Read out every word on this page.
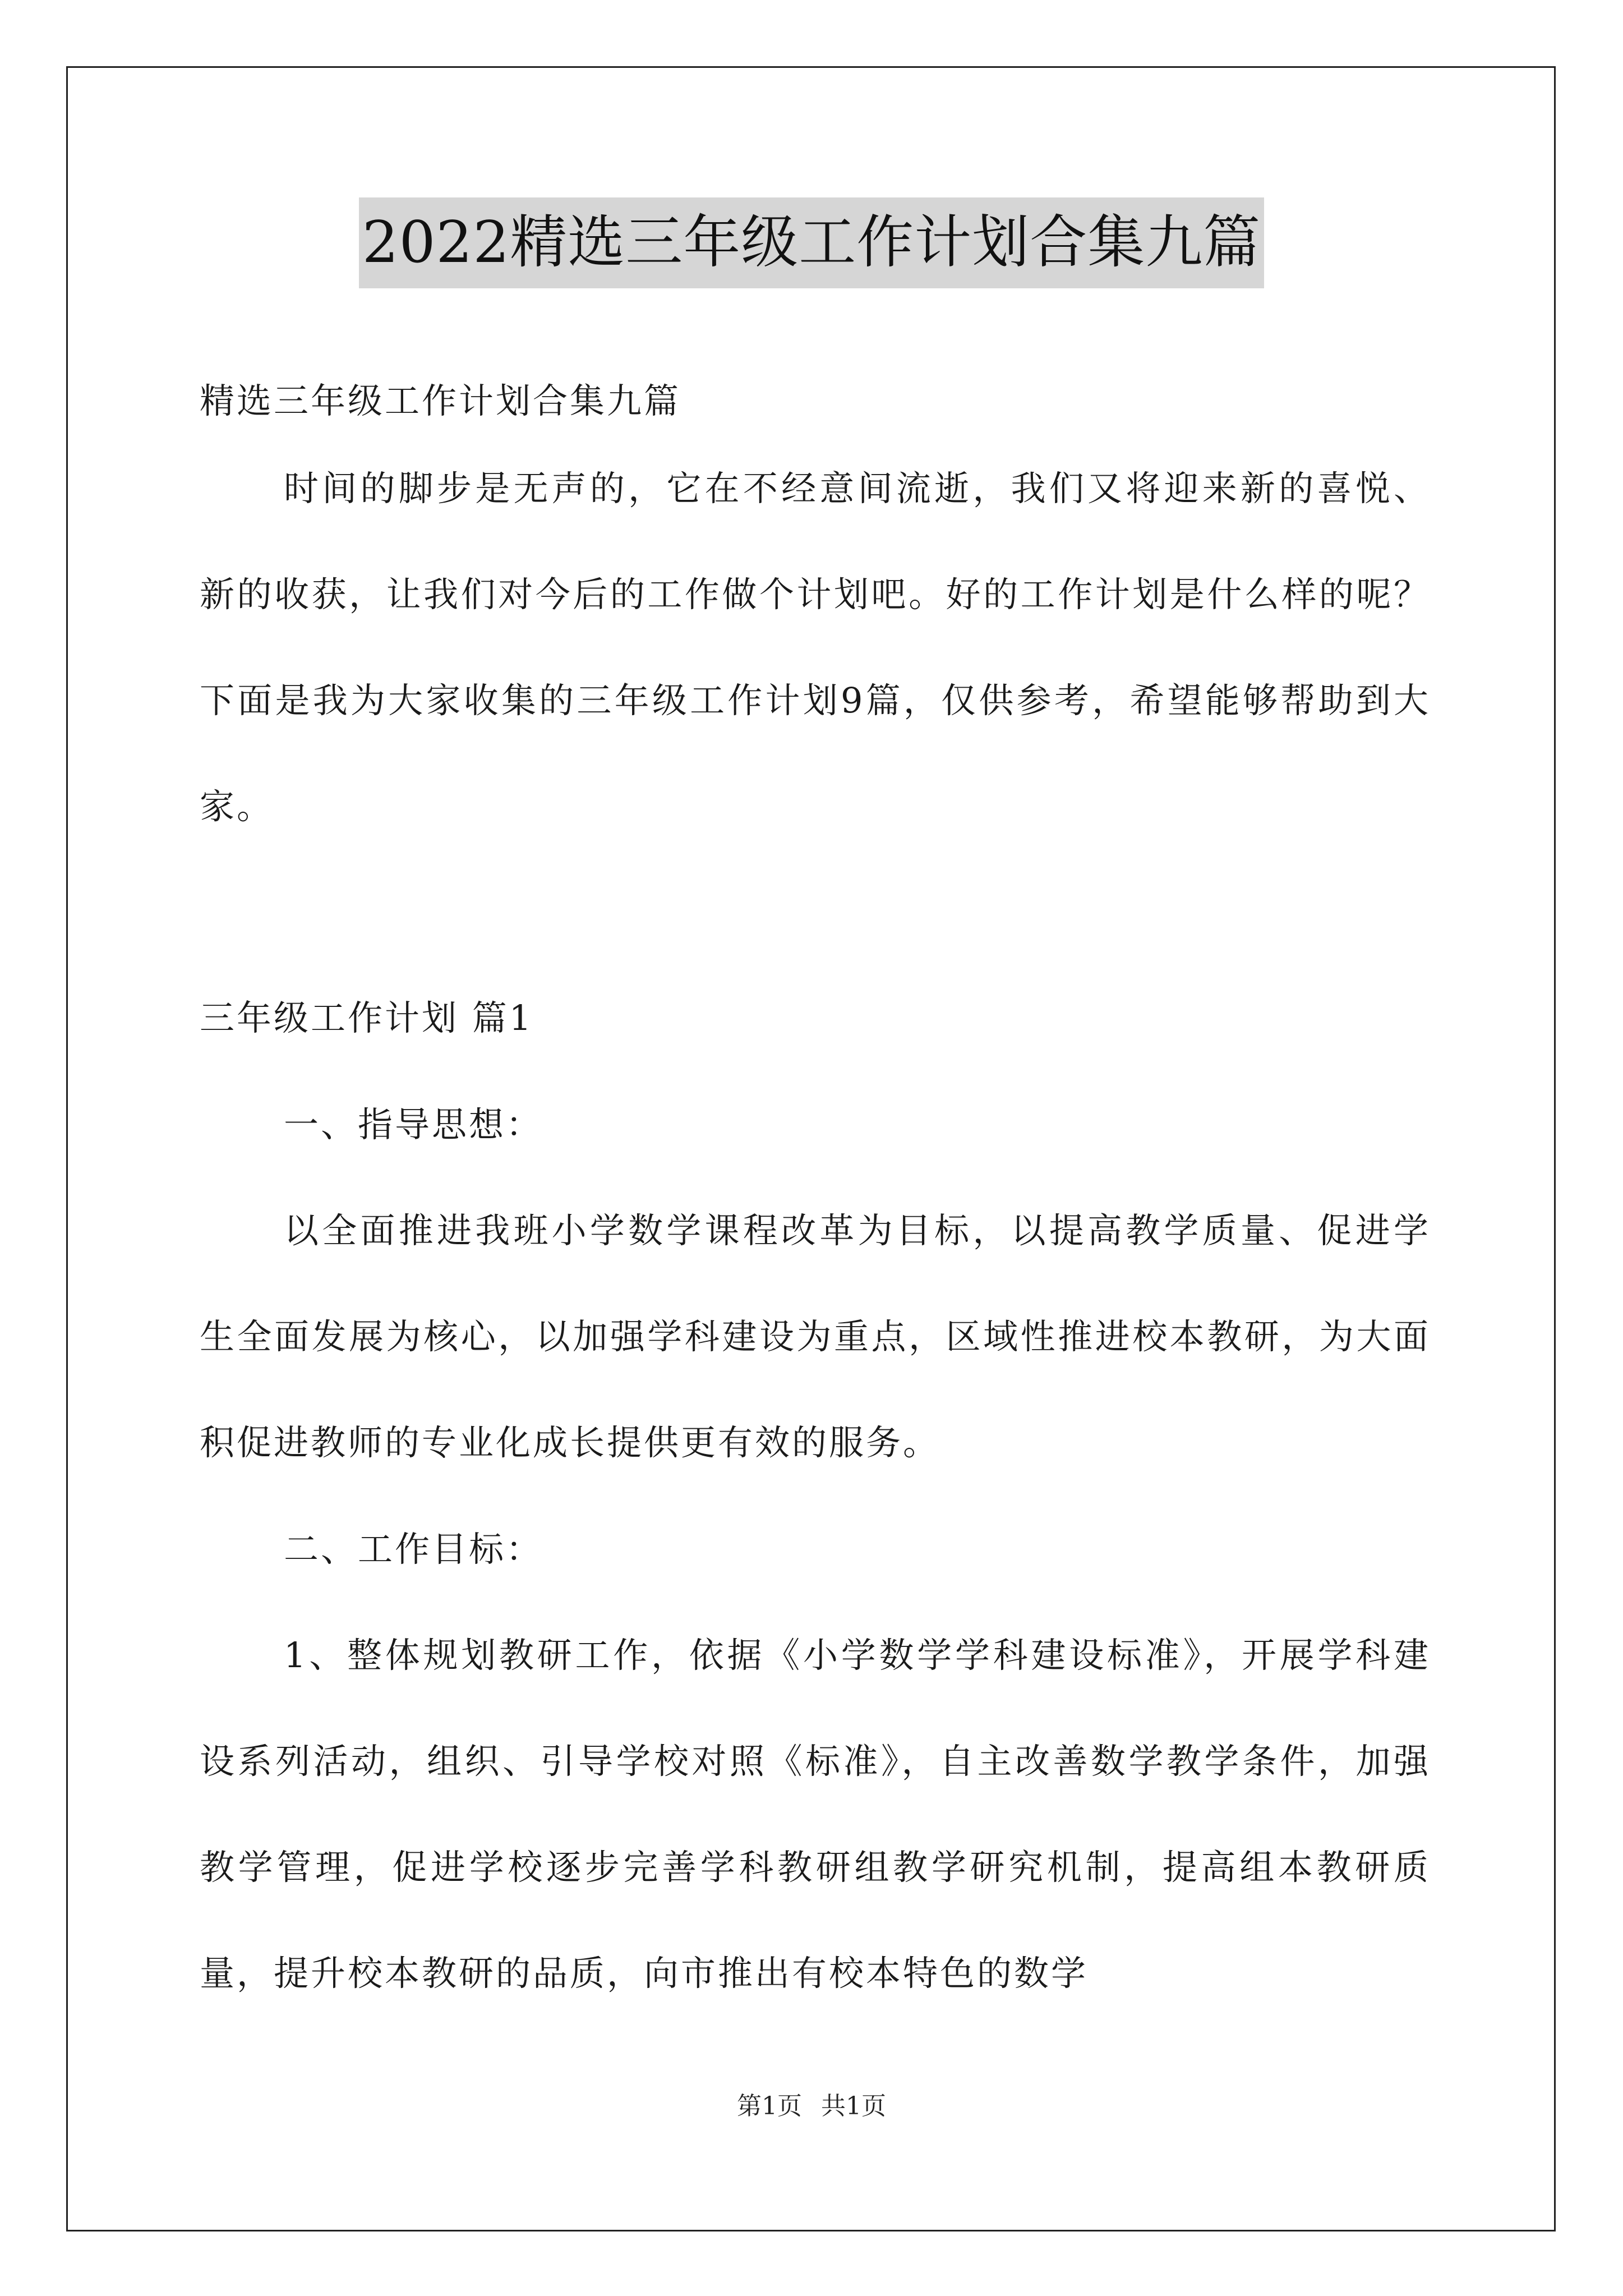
2022精选三年级工作计划合集九篇

精选三年级工作计划合集九篇

时间的脚步是无声的，它在不经意间流逝，我们又将迎来新的喜悦、新的收获，让我们对今后的工作做个计划吧。好的工作计划是什么样的呢？下面是我为大家收集的三年级工作计划9篇，仅供参考，希望能够帮助到大家。

三年级工作计划 篇1

一、指导思想：

以全面推进我班小学数学课程改革为目标，以提高教学质量、促进学生全面发展为核心，以加强学科建设为重点，区域性推进校本教研，为大面积促进教师的专业化成长提供更有效的服务。

二、工作目标：

1、整体规划教研工作，依据《小学数学学科建设标准》，开展学科建设系列活动，组织、引导学校对照《标准》，自主改善数学教学条件，加强教学管理，促进学校逐步完善学科教研组教学研究机制，提高组本教研质量，提升校本教研的品质，向市推出有校本特色的数学

第1页 共1页
